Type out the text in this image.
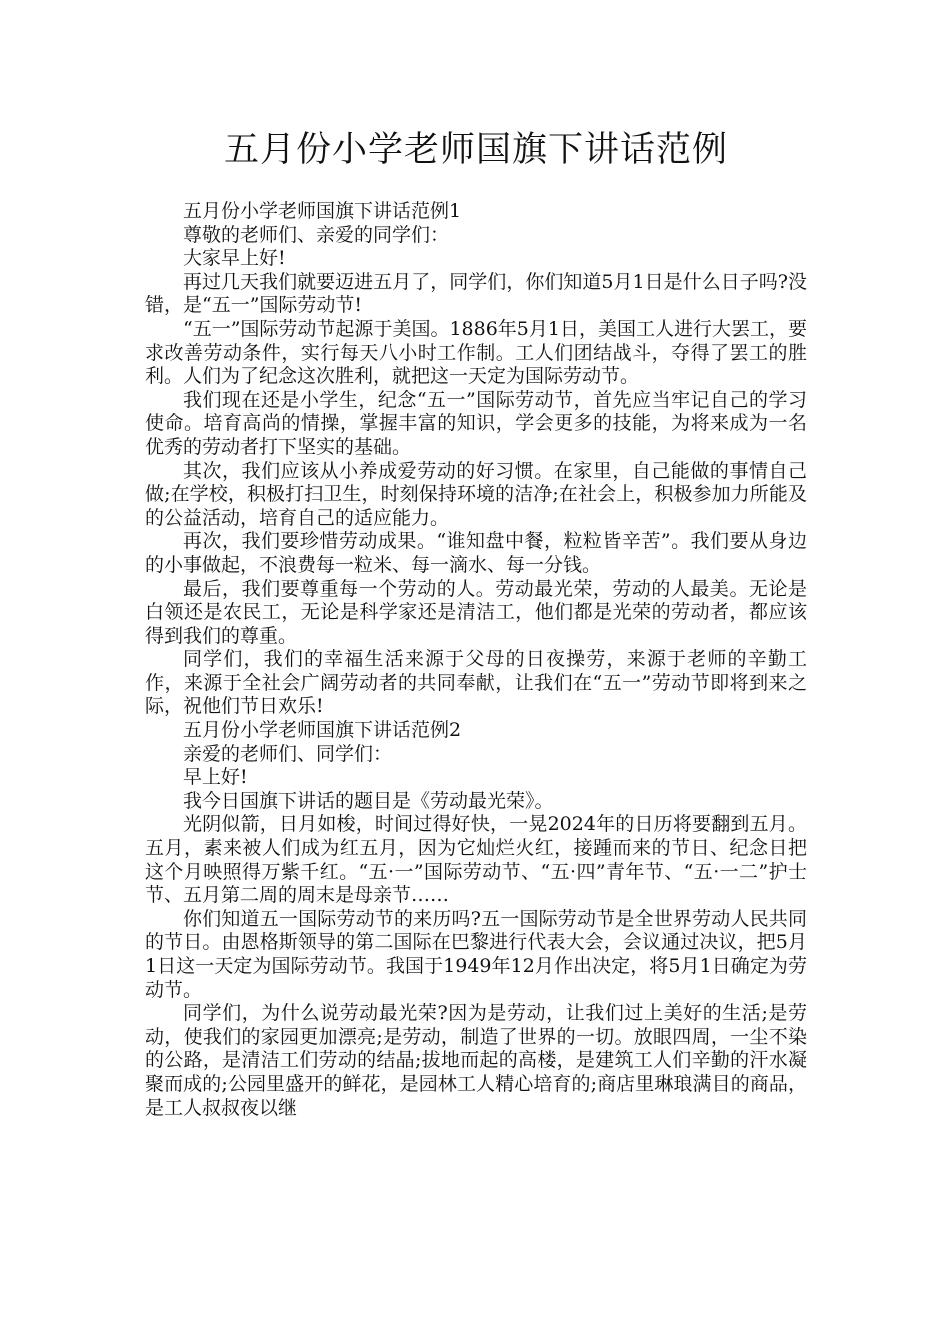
五月份小学老师国旗下讲话范例

五月份小学老师国旗下讲话范例1

尊敬的老师们、亲爱的同学们：

大家早上好!

再过几天我们就要迈进五月了，同学们，你们知道5月1日是什么日子吗?没错，是“五一”国际劳动节!

“五一”国际劳动节起源于美国。1886年5月1日，美国工人进行大罢工，要求改善劳动条件，实行每天八小时工作制。工人们团结战斗，夺得了罢工的胜利。人们为了纪念这次胜利，就把这一天定为国际劳动节。

我们现在还是小学生，纪念“五一”国际劳动节，首先应当牢记自己的学习使命。培育高尚的情操，掌握丰富的知识，学会更多的技能，为将来成为一名优秀的劳动者打下坚实的基础。

其次，我们应该从小养成爱劳动的好习惯。在家里，自己能做的事情自己做;在学校，积极打扫卫生，时刻保持环境的洁净;在社会上，积极参加力所能及的公益活动，培育自己的适应能力。

再次，我们要珍惜劳动成果。“谁知盘中餐，粒粒皆辛苦”。我们要从身边的小事做起，不浪费每一粒米、每一滴水、每一分钱。

最后，我们要尊重每一个劳动的人。劳动最光荣，劳动的人最美。无论是白领还是农民工，无论是科学家还是清洁工，他们都是光荣的劳动者，都应该得到我们的尊重。

同学们，我们的幸福生活来源于父母的日夜操劳，来源于老师的辛勤工作，来源于全社会广阔劳动者的共同奉献，让我们在“五一”劳动节即将到来之际，祝他们节日欢乐!

五月份小学老师国旗下讲话范例2

亲爱的老师们、同学们：

早上好!

我今日国旗下讲话的题目是《劳动最光荣》。

光阴似箭，日月如梭，时间过得好快，一晃2024年的日历将要翻到五月。五月，素来被人们成为红五月，因为它灿烂火红，接踵而来的节日、纪念日把这个月映照得万紫千红。“五·一”国际劳动节、“五·四”青年节、“五·一二”护士节、五月第二周的周末是母亲节……

你们知道五一国际劳动节的来历吗?五一国际劳动节是全世界劳动人民共同的节日。由恩格斯领导的第二国际在巴黎进行代表大会，会议通过决议，把5月1日这一天定为国际劳动节。我国于1949年12月作出决定，将5月1日确定为劳动节。

同学们，为什么说劳动最光荣?因为是劳动，让我们过上美好的生活;是劳动，使我们的家园更加漂亮;是劳动，制造了世界的一切。放眼四周，一尘不染的公路，是清洁工们劳动的结晶;拔地而起的高楼，是建筑工人们辛勤的汗水凝聚而成的;公园里盛开的鲜花，是园林工人精心培育的;商店里琳琅满目的商品，是工人叔叔夜以继
